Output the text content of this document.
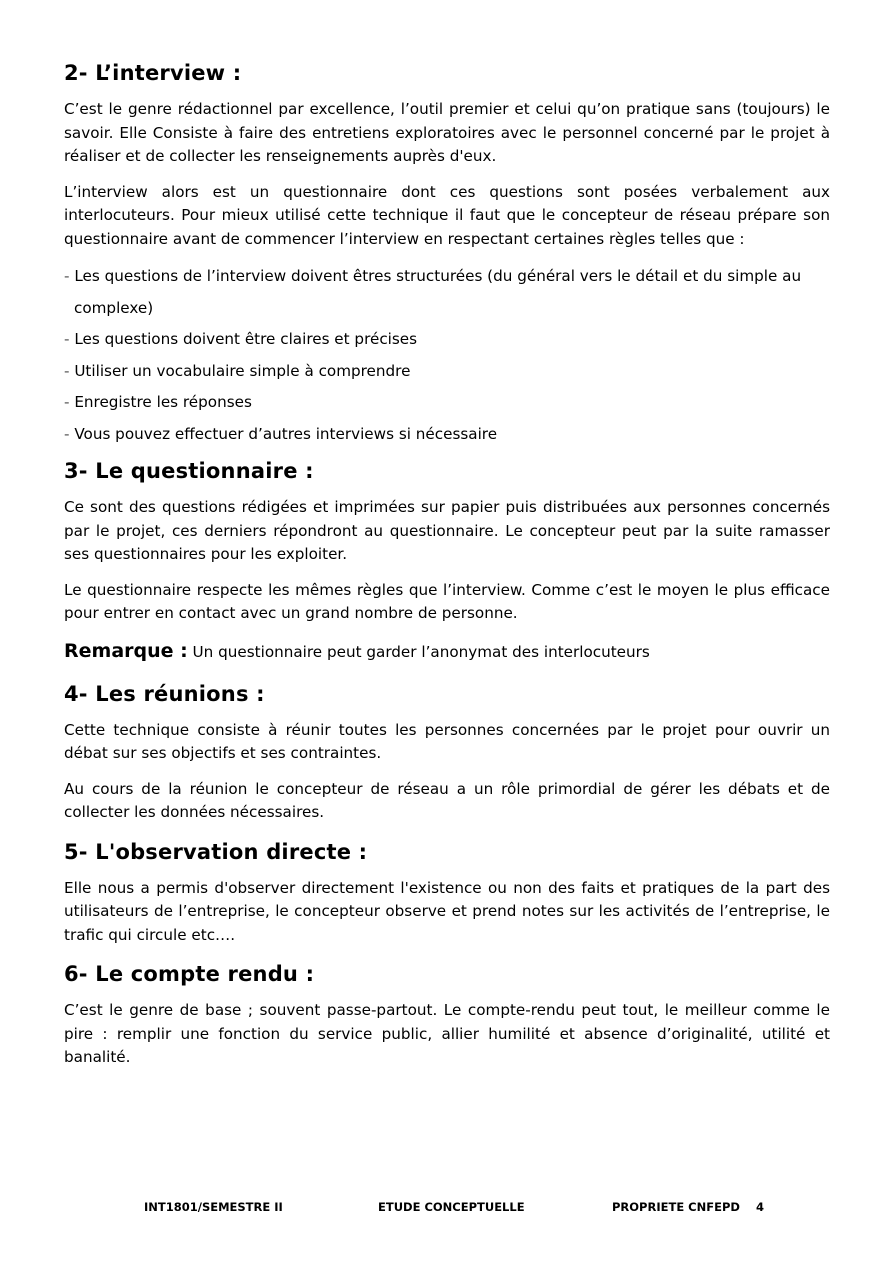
2- L’interview :

C’est le genre rédactionnel par excellence, l’outil premier et celui qu’on pratique sans (toujours) le savoir. Elle Consiste à faire des entretiens exploratoires avec le personnel concerné par le projet à réaliser et de collecter les renseignements auprès d'eux.

L’interview alors est un questionnaire dont ces questions sont posées verbalement aux interlocuteurs. Pour mieux utilisé cette technique il faut que le concepteur de réseau prépare son questionnaire avant de commencer l’interview en respectant certaines règles telles que :

- Les questions de l’interview doivent êtres structurées (du général vers le détail et du simple au complexe)
- Les questions doivent être claires et précises
- Utiliser un vocabulaire simple à comprendre
- Enregistre les réponses
- Vous pouvez effectuer d’autres interviews si nécessaire
3- Le questionnaire :

Ce sont des questions rédigées et imprimées sur papier puis distribuées aux personnes concernés par le projet, ces derniers répondront au questionnaire. Le concepteur peut par la suite ramasser ses questionnaires pour les exploiter.

Le questionnaire respecte les mêmes règles que l’interview. Comme c’est le moyen le plus efficace pour entrer en contact avec un grand nombre de personne.

Remarque : Un questionnaire peut garder l’anonymat des interlocuteurs
4- Les réunions :

Cette technique consiste à réunir toutes les personnes concernées par le projet pour ouvrir un débat sur ses objectifs et ses contraintes.

Au cours de la réunion le concepteur de réseau a un rôle primordial de gérer les débats et de collecter les données nécessaires.

5- L'observation directe :

Elle nous a permis d'observer directement l'existence ou non des faits et pratiques de la part des utilisateurs de l’entreprise, le concepteur observe et prend notes sur les activités de l’entreprise, le trafic qui circule etc….

6- Le compte rendu :

C’est le genre de base ; souvent passe-partout. Le compte-rendu peut tout, le meilleur comme le pire : remplir une fonction du service public, allier humilité et absence d’originalité, utilité et banalité.

INT1801/SEMESTRE II	ETUDE CONCEPTUELLE	PROPRIETE CNFEPD    4
